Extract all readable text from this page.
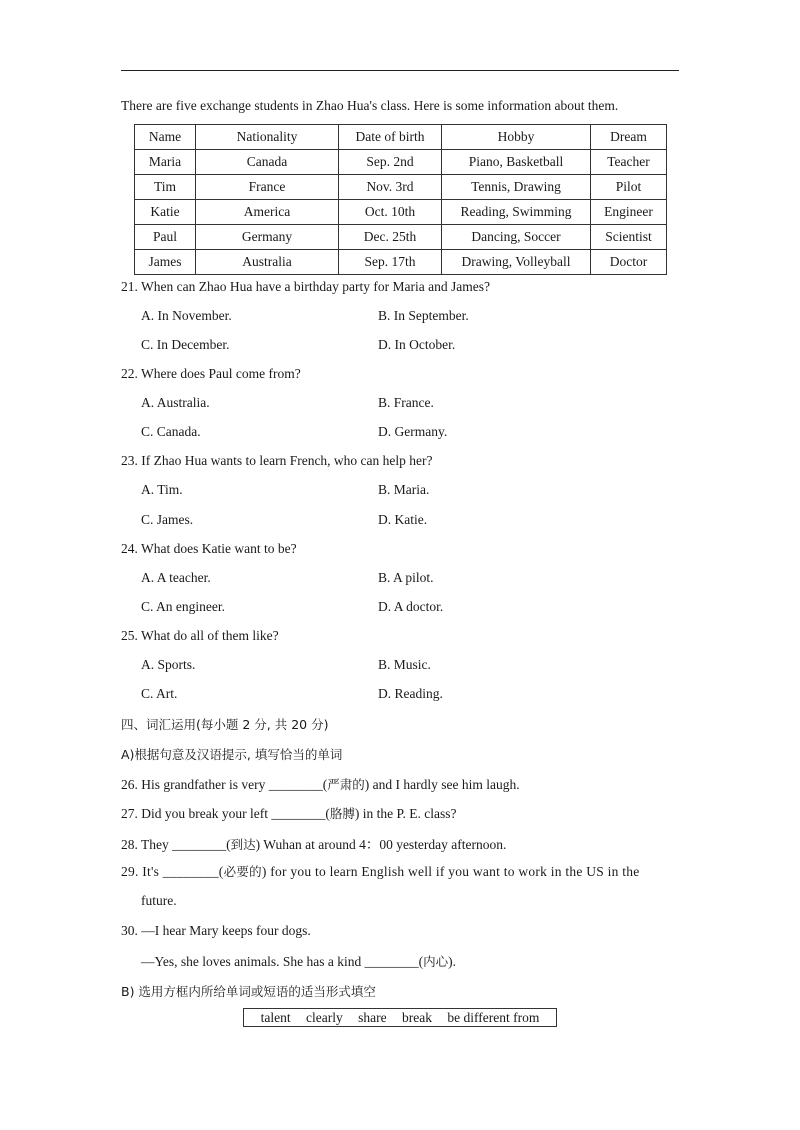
There are five exchange students in Zhao Hua's class. Here is some information about them.
Name	Nationality	Date of birth	Hobby	Dream
Maria	Canada	Sep. 2nd	Piano, Basketball	Teacher
Tim	France	Nov. 3rd	Tennis, Drawing	Pilot
Katie	America	Oct. 10th	Reading, Swimming	Engineer
Paul	Germany	Dec. 25th	Dancing, Soccer	Scientist
James	Australia	Sep. 17th	Drawing, Volleyball	Doctor
21. When can Zhao Hua have a birthday party for Maria and James?
A. In November.	B. In September.
C. In December.	D. In October.
22. Where does Paul come from?
A. Australia.	B. France.
C. Canada.	D. Germany.
23. If Zhao Hua wants to learn French, who can help her?
A. Tim.	B. Maria.
C. James.	D. Katie.
24. What does Katie want to be?
A. A teacher.	B. A pilot.
C. An engineer.	D. A doctor.
25. What do all of them like?
A. Sports.	B. Music.
C. Art.	D. Reading.
四、词汇运用(每小题 2 分, 共 20 分)
A)根据句意及汉语提示, 填写恰当的单词
26. His grandfather is very ________(严肃的) and I hardly see him laugh.
27. Did you break your left ________(胳膊) in the P. E. class?
28. They ________(到达) Wuhan at around 4：00 yesterday afternoon.
29. It's ________(必要的) for you to learn English well if you want to work in the US in the
future.
30. —I hear Mary keeps four dogs.
—Yes, she loves animals. She has a kind ________(内心).
B) 选用方框内所给单词或短语的适当形式填空
talent clearly share break be different from
